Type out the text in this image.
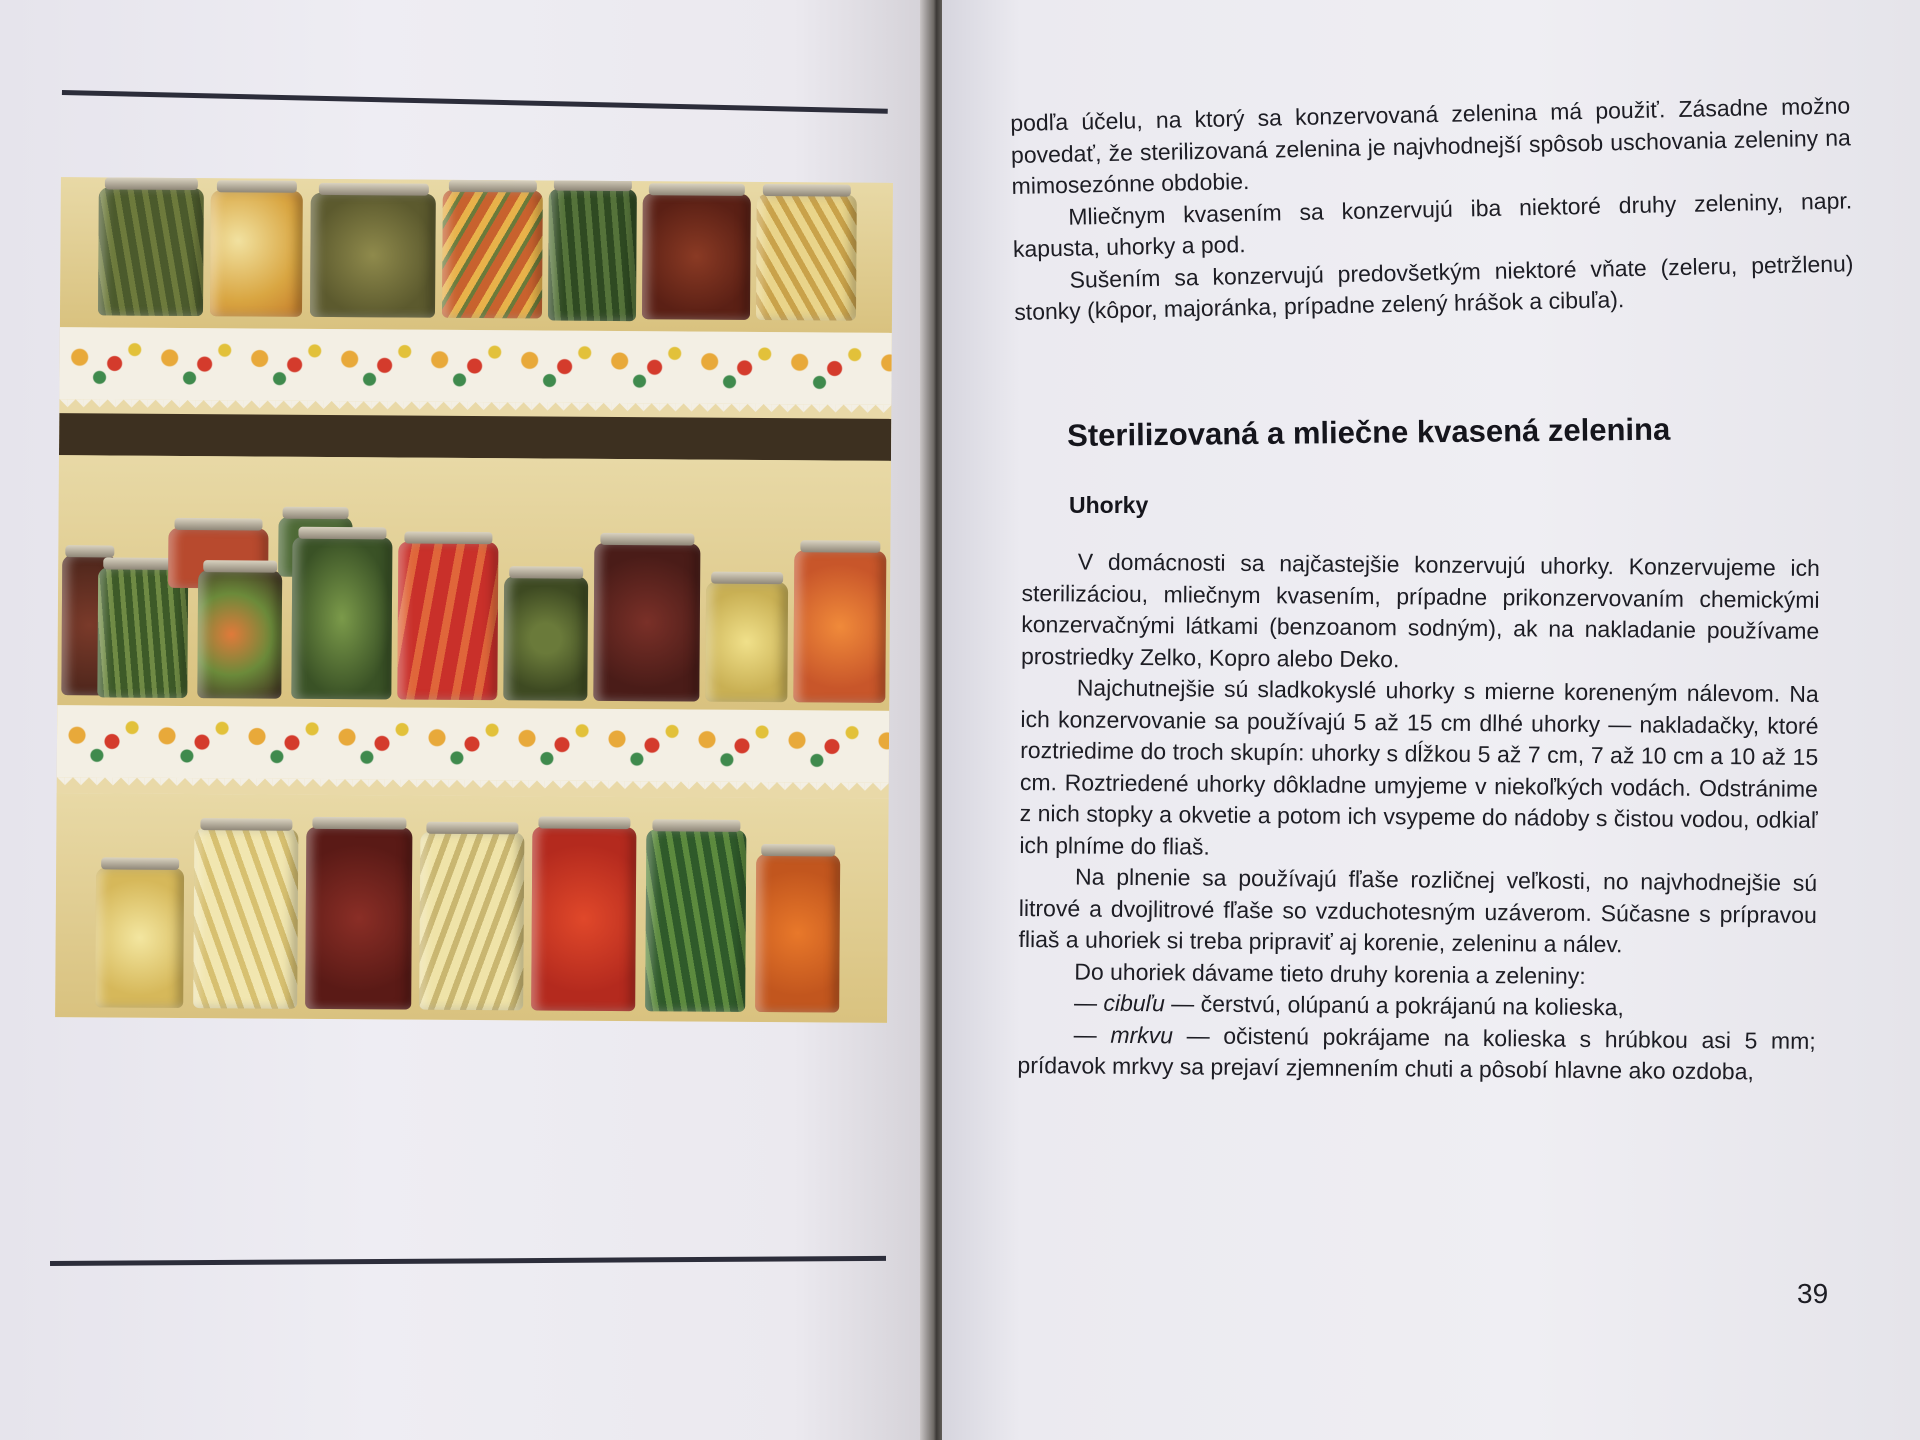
podľa účelu, na ktorý sa konzervovaná zelenina má použiť. Zásadne možno povedať, že sterilizovaná zelenina je najvhodnejší spôsob uschovania zeleniny na mimosezónne obdobie.

Mliečnym kvasením sa konzervujú iba niektoré druhy zeleniny, napr. kapusta, uhorky a pod.

Sušením sa konzervujú predovšetkým niektoré vňate (zeleru, petržlenu) stonky (kôpor, majoránka, prípadne zelený hrášok a cibuľa).

Sterilizovaná a mliečne kvasená zelenina
Uhorky

V domácnosti sa najčastejšie konzervujú uhorky. Konzervujeme ich sterilizáciou, mliečnym kvasením, prípadne prikonzervovaním chemickými konzervačnými látkami (benzoanom sodným), ak na nakladanie používame prostriedky Zelko, Kopro alebo Deko.

Najchutnejšie sú sladkokyslé uhorky s mierne koreneným nálevom. Na ich konzervovanie sa používajú 5 až 15 cm dlhé uhorky — nakladačky, ktoré roztriedime do troch skupín: uhorky s dĺžkou 5 až 7 cm, 7 až 10 cm a 10 až 15 cm. Roztriedené uhorky dôkladne umyjeme v niekoľkých vodách. Odstránime z nich stopky a okvetie a potom ich vsypeme do nádoby s čistou vodou, odkiaľ ich plníme do fliaš.

Na plnenie sa používajú fľaše rozličnej veľkosti, no najvhodnejšie sú litrové a dvojlitrové fľaše so vzduchotesným uzáverom. Súčasne s prípravou fliaš a uhoriek si treba pripraviť aj korenie, zeleninu a nálev.

Do uhoriek dávame tieto druhy korenia a zeleniny:

— cibuľu — čerstvú, olúpanú a pokrájanú na kolieska,

— mrkvu — očistenú pokrájame na kolieska s hrúbkou asi 5 mm; prídavok mrkvy sa prejaví zjemnením chuti a pôsobí hlavne ako ozdoba,

39
